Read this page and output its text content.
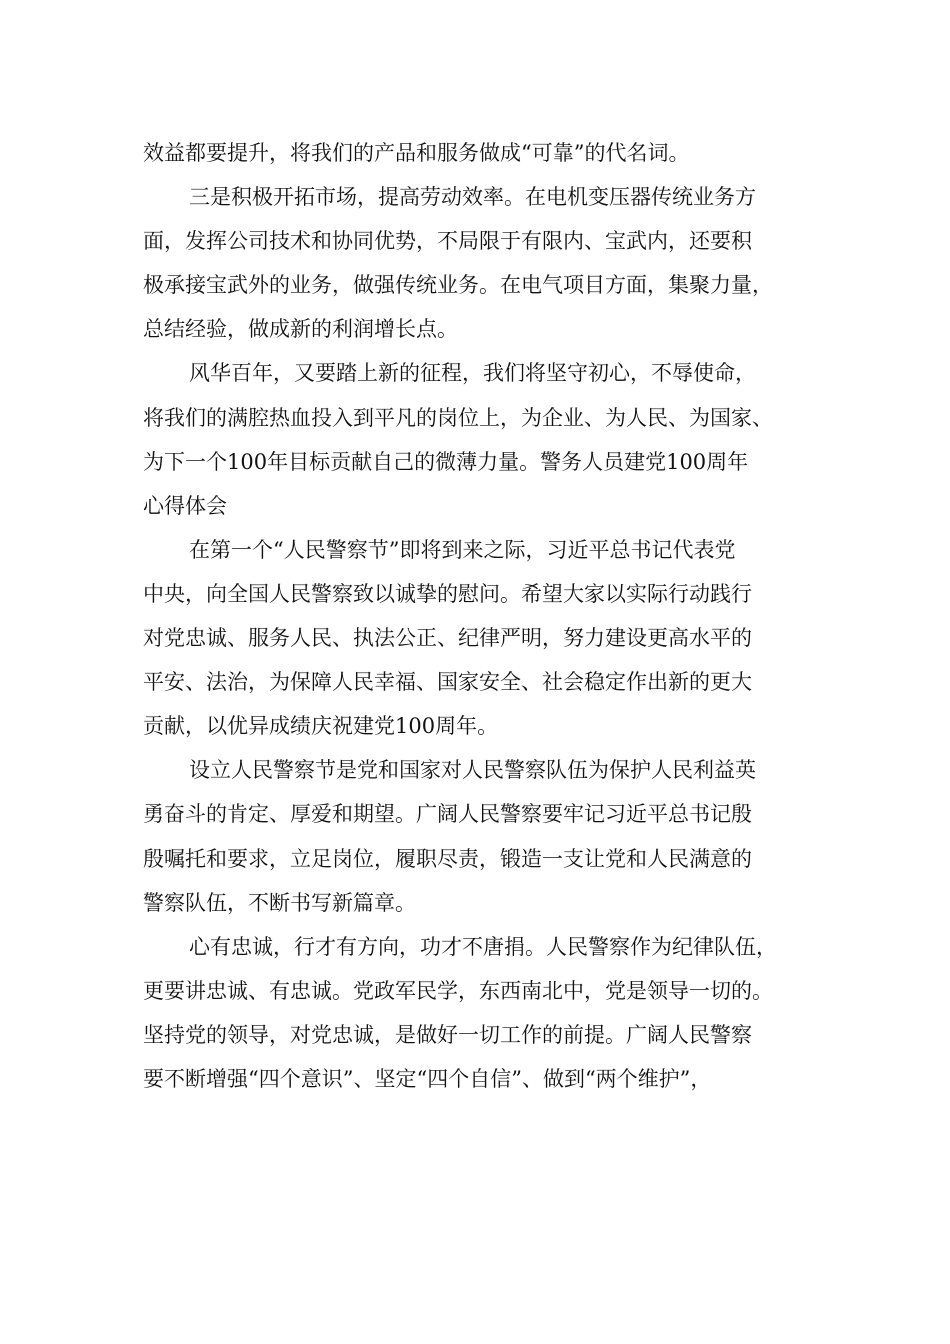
效益都要提升，将我们的产品和服务做成“可靠”的代名词。
三是积极开拓市场，提高劳动效率。在电机变压器传统业务方
面，发挥公司技术和协同优势，不局限于有限内、宝武内，还要积
极承接宝武外的业务，做强传统业务。在电气项目方面，集聚力量，
总结经验，做成新的利润增长点。
风华百年，又要踏上新的征程，我们将坚守初心，不辱使命，
将我们的满腔热血投入到平凡的岗位上，为企业、为人民、为国家、
为下一个100年目标贡献自己的微薄力量。警务人员建党100周年
心得体会
在第一个“人民警察节”即将到来之际，习近平总书记代表党
中央，向全国人民警察致以诚挚的慰问。希望大家以实际行动践行
对党忠诚、服务人民、执法公正、纪律严明，努力建设更高水平的
平安、法治，为保障人民幸福、国家安全、社会稳定作出新的更大
贡献，以优异成绩庆祝建党100周年。
设立人民警察节是党和国家对人民警察队伍为保护人民利益英
勇奋斗的肯定、厚爱和期望。广阔人民警察要牢记习近平总书记殷
殷嘱托和要求，立足岗位，履职尽责，锻造一支让党和人民满意的
警察队伍，不断书写新篇章。
心有忠诚，行才有方向，功才不唐捐。人民警察作为纪律队伍，
更要讲忠诚、有忠诚。党政军民学，东西南北中，党是领导一切的。
坚持党的领导，对党忠诚，是做好一切工作的前提。广阔人民警察
要不断增强“四个意识”、坚定“四个自信”、做到“两个维护”，
